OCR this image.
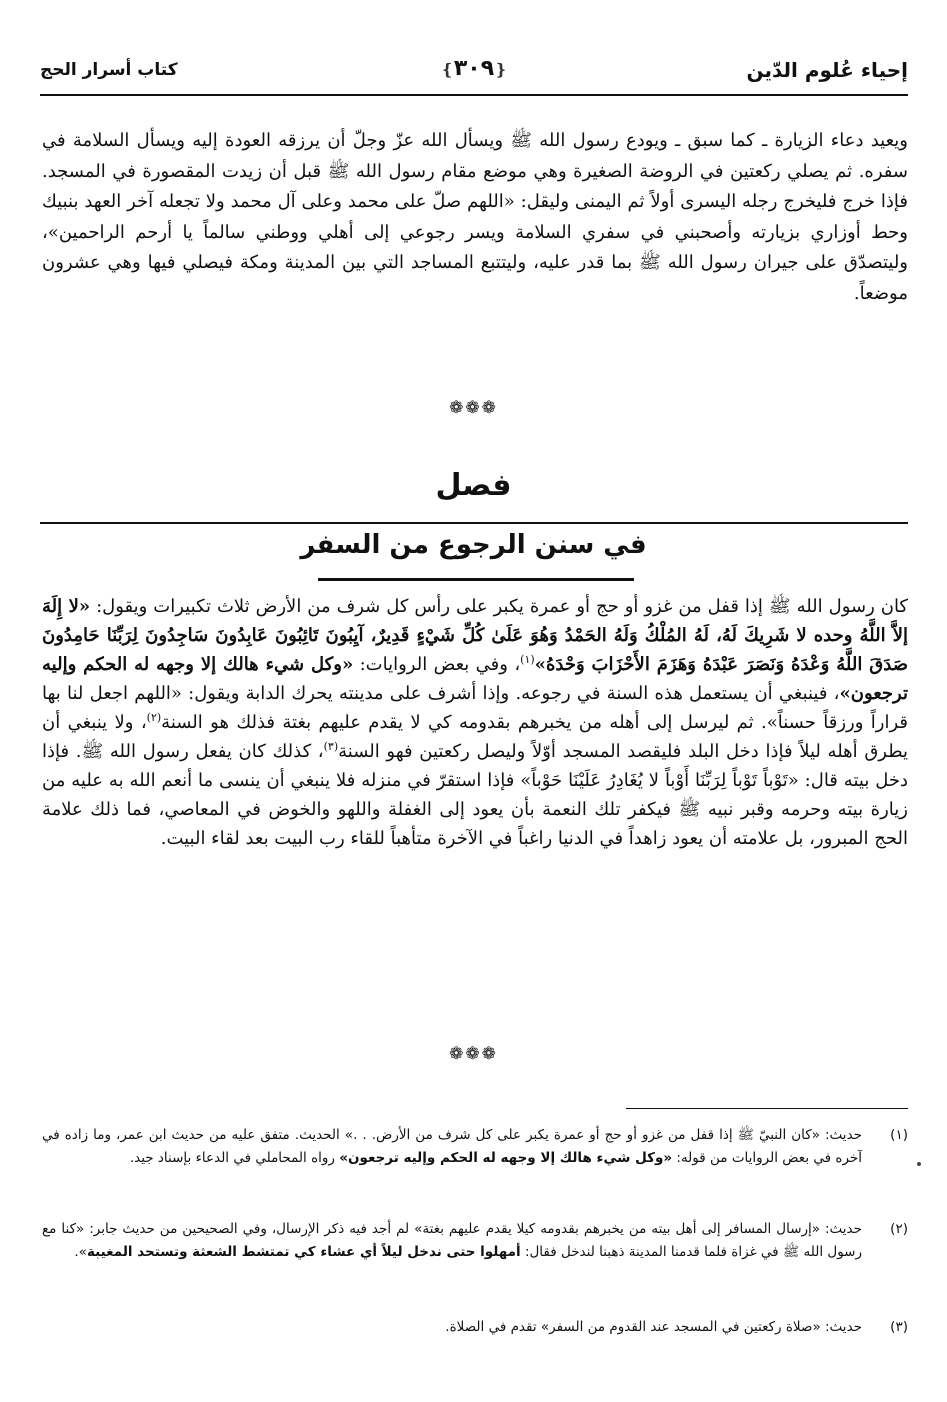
إحياء عُلوم الدّين
❴٣٠٩❵
كتاب أسرار الحج
ويعيد دعاء الزيارة ـ كما سبق ـ ويودع رسول الله ﷺ ويسأل الله عزّ وجلّ أن يرزقه العودة إليه ويسأل السلامة في سفره. ثم يصلي ركعتين في الروضة الصغيرة وهي موضع مقام رسول الله ﷺ قبل أن زيدت المقصورة في المسجد. فإذا خرج فليخرج رجله اليسرى أولاً ثم اليمنى وليقل: «اللهم صلّ على محمد وعلى آل محمد ولا تجعله آخر العهد بنبيك وحط أوزاري بزيارته وأصحبني في سفري السلامة ويسر رجوعي إلى أهلي ووطني سالماً يا أرحم الراحمين»، وليتصدّق على جيران رسول الله ﷺ بما قدر عليه، وليتتبع المساجد التي بين المدينة ومكة فيصلي فيها وهي عشرون موضعاً.
❁❁❁
فصل
في سنن الرجوع من السفر
كان رسول الله ﷺ إذا قفل من غزو أو حج أو عمرة يكبر على رأس كل شرف من الأرض ثلاث تكبيرات ويقول: «لا إِلَهَ إلاَّ اللَّهُ وحده لا شَرِيكَ لَهُ، لَهُ المُلْكُ وَلَهُ الحَمْدُ وَهُوَ عَلَىٰ كُلِّ شَيْءٍ قَدِيرٌ، آيِبُونَ تَائِبُونَ عَابِدُونَ سَاجِدُونَ لِرَبِّنَا حَامِدُونَ صَدَقَ اللَّهُ وَعْدَهُ وَنَصَرَ عَبْدَهُ وَهَزَمَ الأَحْزَابَ وَحْدَهُ»$^{(١)}$، وفي بعض الروايات: «وكل شيء هالك إلا وجهه له الحكم وإليه ترجعون»، فينبغي أن يستعمل هذه السنة في رجوعه. وإذا أشرف على مدينته يحرك الدابة ويقول: «اللهم اجعل لنا بها قراراً ورزقاً حسناً». ثم ليرسل إلى أهله من يخبرهم بقدومه كي لا يقدم عليهم بغتة فذلك هو السنة$^{(٢)}$، ولا ينبغي أن يطرق أهله ليلاً فإذا دخل البلد فليقصد المسجد أوّلاً وليصل ركعتين فهو السنة$^{(٣)}$، كذلك كان يفعل رسول الله ﷺ. فإذا دخل بيته قال: «تَوْباً تَوْباً لِرَبِّنَا أَوْباً لا يُغَادِرُ عَلَيْنَا حَوْباً» فإذا استقرّ في منزله فلا ينبغي أن ينسى ما أنعم الله به عليه من زيارة بيته وحرمه وقبر نبيه ﷺ فيكفر تلك النعمة بأن يعود إلى الغفلة واللهو والخوض في المعاصي، فما ذلك علامة الحج المبرور، بل علامته أن يعود زاهداً في الدنيا راغباً في الآخرة متأهباً للقاء رب البيت بعد لقاء البيت.
❁❁❁
(١)
حديث: «كان النبيّ ﷺ إذا قفل من غزو أو حج أو عمرة يكبر على كل شرف من الأرض. . .» الحديث. متفق عليه من حديث ابن عمر، وما زاده في آخره في بعض الروايات من قوله: «وكل شيء هالك إلا وجهه له الحكم وإليه ترجعون» رواه المحاملي في الدعاء بإسناد جيد.
(٢)
حديث: «إرسال المسافر إلى أهل بيته من يخبرهم بقدومه كيلا يقدم عليهم بغتة» لم أجد فيه ذكر الإرسال، وفي الصحيحين من حديث جابر: «كنا مع رسول الله ﷺ في غزاة فلما قدمنا المدينة ذهبنا لندخل فقال: أمهلوا حتى ندخل ليلاً أي عشاء كي تمتشط الشعثة وتستحد المغيبة».
(٣)
حديث: «صلاة ركعتين في المسجد عند القدوم من السفر» تقدم في الصلاة.
